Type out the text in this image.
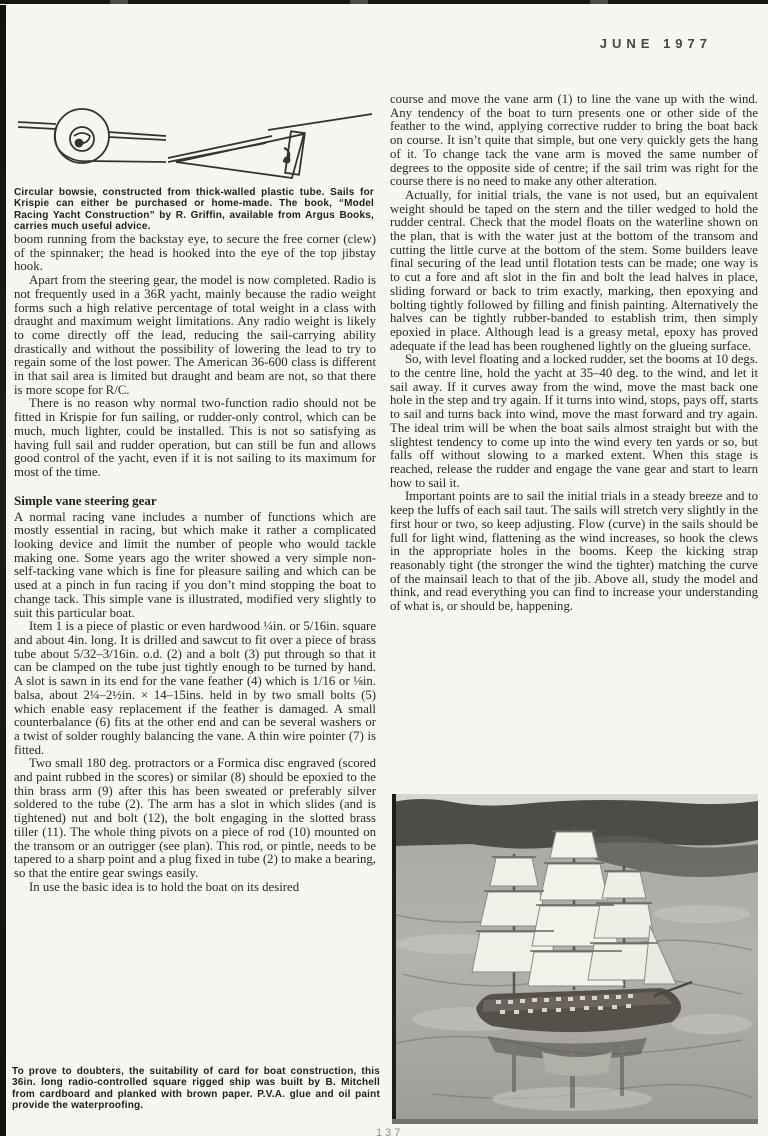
JUNE 1977
Circular bowsie, constructed from thick-walled plastic tube. Sails for Krispie can either be purchased or home-made. The book, “Model Racing Yacht Construction” by R. Griffin, available from Argus Books, carries much useful advice.

boom running from the backstay eye, to secure the free corner (clew) of the spinnaker; the head is hooked into the eye of the top jibstay hook.

Apart from the steering gear, the model is now completed. Radio is not frequently used in a 36R yacht, mainly because the radio weight forms such a high relative percentage of total weight in a class with draught and maximum weight limitations. Any radio weight is likely to come directly off the lead, reducing the sail-carrying ability drastically and without the possibility of lowering the lead to try to regain some of the lost power. The American 36-600 class is different in that sail area is limited but draught and beam are not, so that there is more scope for R/C.

There is no reason why normal two-function radio should not be fitted in Krispie for fun sailing, or rudder-only control, which can be much, much lighter, could be installed. This is not so satisfying as having full sail and rudder operation, but can still be fun and allows good control of the yacht, even if it is not sailing to its maximum for most of the time.

Simple vane steering gear

A normal racing vane includes a number of functions which are mostly essential in racing, but which make it rather a complicated looking device and limit the number of people who would tackle making one. Some years ago the writer showed a very simple non-self-tacking vane which is fine for pleasure sailing and which can be used at a pinch in fun racing if you don’t mind stopping the boat to change tack. This simple vane is illustrated, modified very slightly to suit this particular boat.

Item 1 is a piece of plastic or even hardwood ¼in. or 5/16in. square and about 4in. long. It is drilled and sawcut to fit over a piece of brass tube about 5/32–3/16in. o.d. (2) and a bolt (3) put through so that it can be clamped on the tube just tightly enough to be turned by hand. A slot is sawn in its end for the vane feather (4) which is 1/16 or ⅛in. balsa, about 2¼–2½in. × 14–15ins. held in by two small bolts (5) which enable easy replacement if the feather is damaged. A small counterbalance (6) fits at the other end and can be several washers or a twist of solder roughly balancing the vane. A thin wire pointer (7) is fitted.

Two small 180 deg. protractors or a Formica disc engraved (scored and paint rubbed in the scores) or similar (8) should be epoxied to the thin brass arm (9) after this has been sweated or preferably silver soldered to the tube (2). The arm has a slot in which slides (and is tightened) nut and bolt (12), the bolt engaging in the slotted brass tiller (11). The whole thing pivots on a piece of rod (10) mounted on the transom or an outrigger (see plan). This rod, or pintle, needs to be tapered to a sharp point and a plug fixed in tube (2) to make a bearing, so that the entire gear swings easily.

In use the basic idea is to hold the boat on its desired

course and move the vane arm (1) to line the vane up with the wind. Any tendency of the boat to turn presents one or other side of the feather to the wind, applying corrective rudder to bring the boat back on course. It isn’t quite that simple, but one very quickly gets the hang of it. To change tack the vane arm is moved the same number of degrees to the opposite side of centre; if the sail trim was right for the course there is no need to make any other alteration.

Actually, for initial trials, the vane is not used, but an equivalent weight should be taped on the stern and the tiller wedged to hold the rudder central. Check that the model floats on the waterline shown on the plan, that is with the water just at the bottom of the transom and cutting the little curve at the bottom of the stem. Some builders leave final securing of the lead until flotation tests can be made; one way is to cut a fore and aft slot in the fin and bolt the lead halves in place, sliding forward or back to trim exactly, marking, then epoxying and bolting tightly followed by filling and finish painting. Alternatively the halves can be tightly rubber-banded to establish trim, then simply epoxied in place. Although lead is a greasy metal, epoxy has proved adequate if the lead has been roughened lightly on the glueing surface.

So, with level floating and a locked rudder, set the booms at 10 degs. to the centre line, hold the yacht at 35–40 deg. to the wind, and let it sail away. If it curves away from the wind, move the mast back one hole in the step and try again. If it turns into wind, stops, pays off, starts to sail and turns back into wind, move the mast forward and try again. The ideal trim will be when the boat sails almost straight but with the slightest tendency to come up into the wind every ten yards or so, but falls off without slowing to a marked extent. When this stage is reached, release the rudder and engage the vane gear and start to learn how to sail it.

Important points are to sail the initial trials in a steady breeze and to keep the luffs of each sail taut. The sails will stretch very slightly in the first hour or two, so keep adjusting. Flow (curve) in the sails should be full for light wind, flattening as the wind increases, so hook the clews in the appropriate holes in the booms. Keep the kicking strap reasonably tight (the stronger the wind the tighter) matching the curve of the mainsail leach to that of the jib. Above all, study the model and think, and read everything you can find to increase your understanding of what is, or should be, happening.

To prove to doubters, the suitability of card for boat construction, this 36in. long radio-controlled square rigged ship was built by B. Mitchell from cardboard and planked with brown paper. P.V.A. glue and oil paint provide the waterproofing.
137
